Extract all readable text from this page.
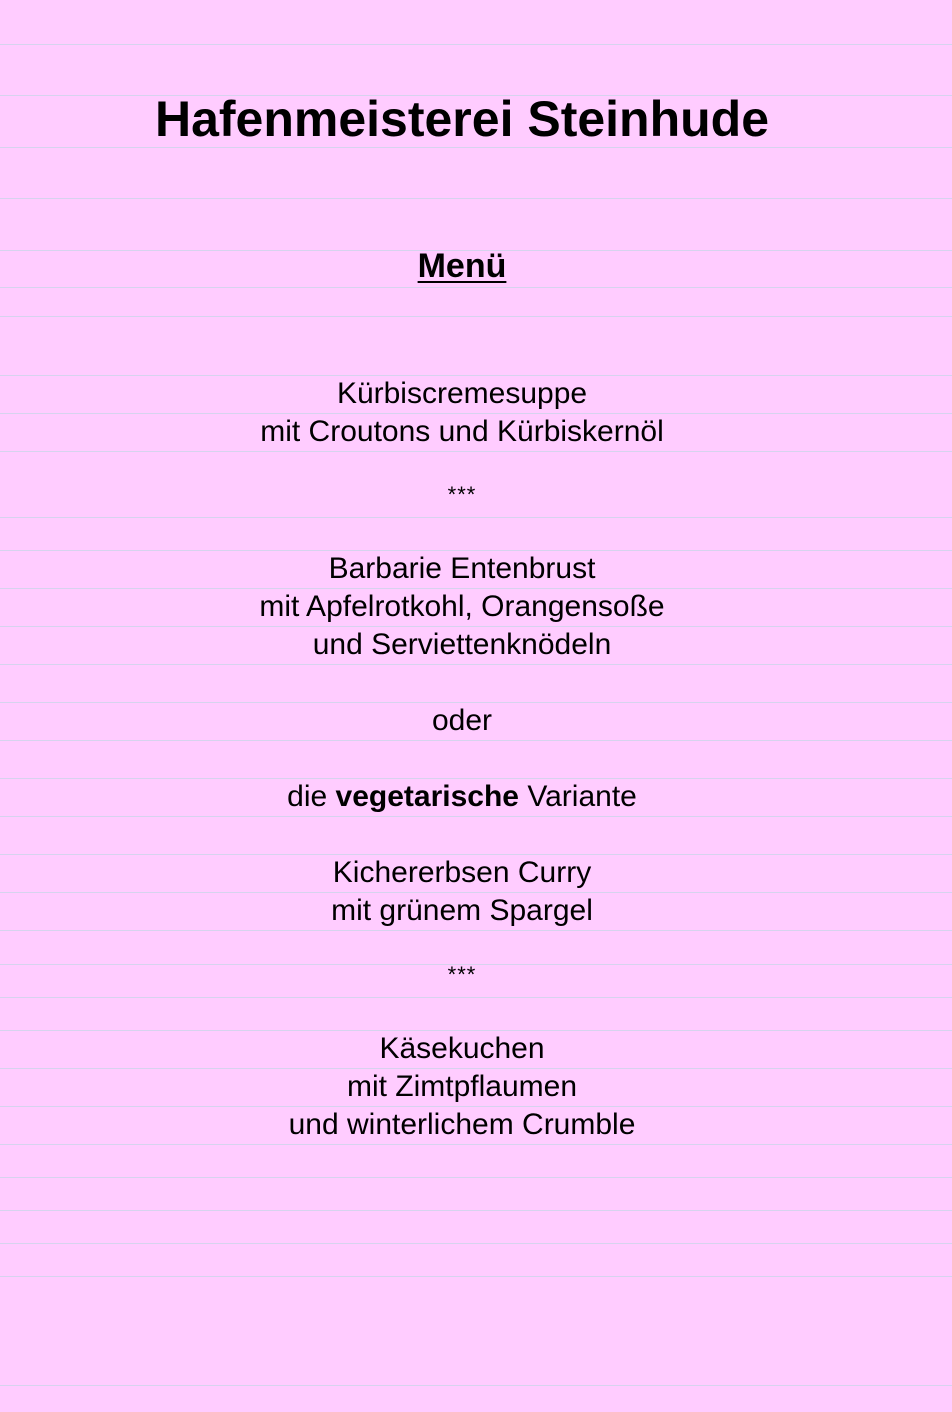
Hafenmeisterei Steinhude
Menü
Kürbiscremesuppe
mit Croutons und Kürbiskernöl
***
Barbarie Entenbrust
mit Apfelrotkohl, Orangensoße
und Serviettenknödeln
oder
die vegetarische Variante
Kichererbsen Curry
mit grünem Spargel
***
Käsekuchen
mit Zimtpflaumen
und winterlichem Crumble
